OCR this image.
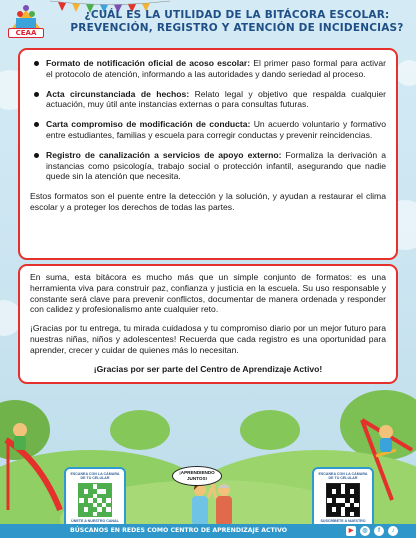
CEAA
¿CUÁL ES LA UTILIDAD DE LA BITÁCORA ESCOLAR:
PREVENCIÓN, REGISTRO Y ATENCIÓN DE INCIDENCIAS?
Formato de notificación oficial de acoso escolar: El primer paso formal para activar el protocolo de atención, informando a las autoridades y dando seriedad al proceso.
Acta circunstanciada de hechos: Relato legal y objetivo que respalda cualquier actuación, muy útil ante instancias externas o para consultas futuras.
Carta compromiso de modificación de conducta: Un acuerdo voluntario y formativo entre estudiantes, familias y escuela para corregir conductas y prevenir reincidencias.
Registro de canalización a servicios de apoyo externo: Formaliza la derivación a instancias como psicología, trabajo social o protección infantil, asegurando que nadie quede sin la atención que necesita.

Estos formatos son el puente entre la detección y la solución, y ayudan a restaurar el clima escolar y a proteger los derechos de todas las partes.

En suma, esta bitácora es mucho más que un simple conjunto de formatos: es una herramienta viva para construir paz, confianza y justicia en la escuela. Su uso responsable y constante será clave para prevenir conflictos, documentar de manera ordenada y responder con calidez y profesionalismo ante cualquier reto.

¡Gracias por tu entrega, tu mirada cuidadosa y tu compromiso diario por un mejor futuro para nuestras niñas, niños y adolescentes! Recuerda que cada registro es una oportunidad para aprender, crecer y cuidar de quienes más lo necesitan.

¡Gracias por ser parte del Centro de Aprendizaje Activo!

ESCANEA CON LA CÁMARA DE TU CELULAR
ÚNETE A NUESTRO CANAL
ESCANEA CON LA CÁMARA DE TU CELULAR
SUSCRÍBETE A NUESTRO
¡APRENDIENDO JUNTOS!
BÚSCANOS EN REDES COMO CENTRO DE APRENDIZAJE ACTIVO	▶	◎	f	♪
